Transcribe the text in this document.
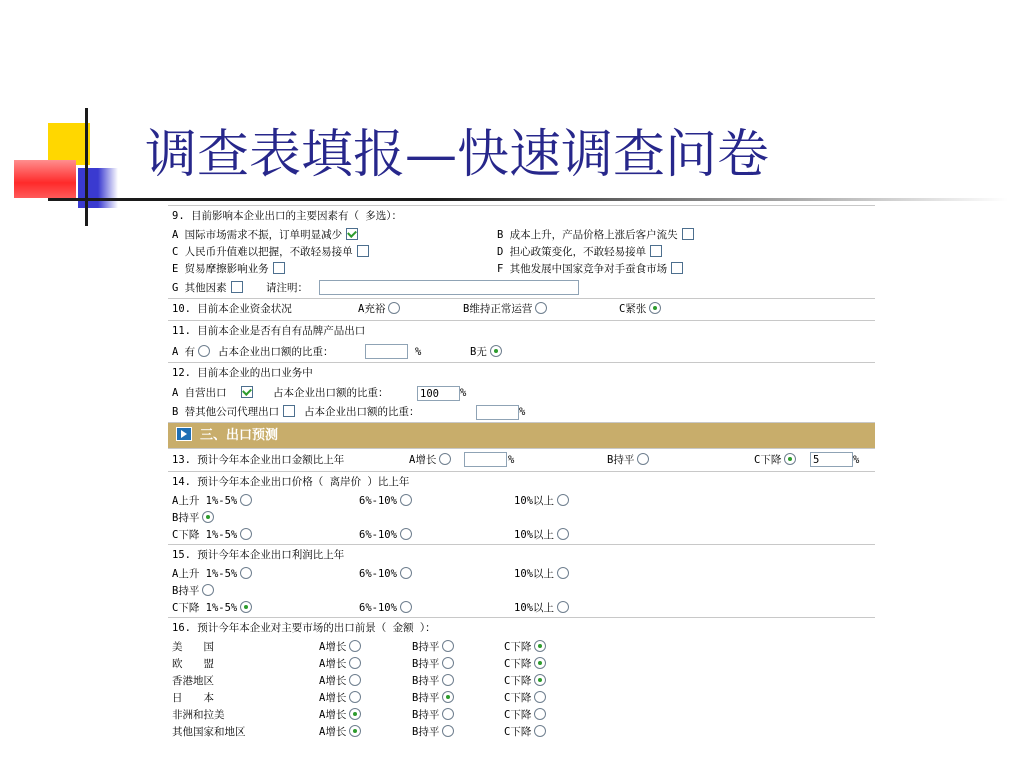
调查表填报—快速调查问卷
9. 目前影响本企业出口的主要因素有（ 多选）：
A 国际市场需求不振，订单明显减少	B 成本上升，产品价格上涨后客户流失
C 人民币升值难以把握，不敢轻易接单	D 担心政策变化，不敢轻易接单
E 贸易摩擦影响业务	F 其他发展中国家竞争对手蚕食市场
G 其他因素	请注明：
10. 目前本企业资金状况	A充裕	B维持正常运营	C紧张
11. 目前本企业是否有自有品牌产品出口
A 有	占本企业出口额的比重：	%	B无
12. 目前本企业的出口业务中
A 自营出口	占本企业出口额的比重：	100	%
B 替其他公司代理出口	占本企业出口额的比重：	%
三、出口预测
13. 预计今年本企业出口金额比上年	A增长	%	B持平	C下降	5	%
14. 预计今年本企业出口价格（ 离岸价 ）比上年
A上升 1%-5%	6%-10%	10%以上
B持平
C下降 1%-5%	6%-10%	10%以上
15. 预计今年本企业出口利润比上年
A上升 1%-5%	6%-10%	10%以上
B持平
C下降 1%-5%	6%-10%	10%以上
16. 预计今年本企业对主要市场的出口前景（ 金额 ）：
美　　国	A增长	B持平	C下降
欧　　盟	A增长	B持平	C下降
香港地区	A增长	B持平	C下降
日　　本	A增长	B持平	C下降
非洲和拉美	A增长	B持平	C下降
其他国家和地区	A增长	B持平	C下降
